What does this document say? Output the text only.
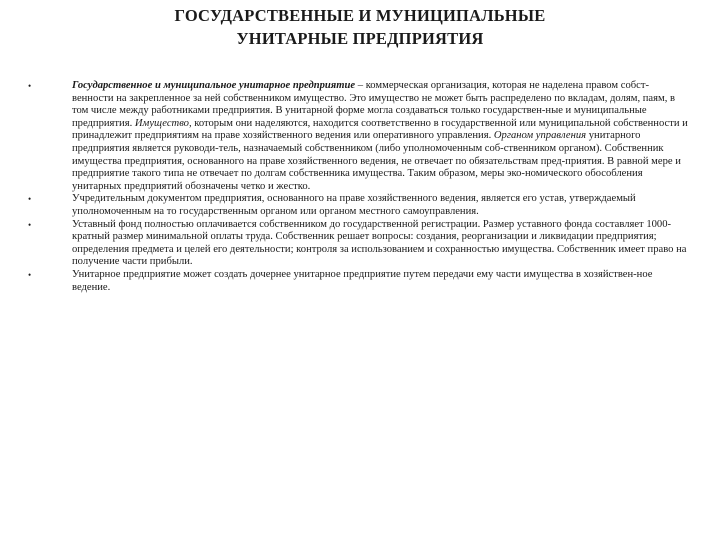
ГОСУДАРСТВЕННЫЕ И МУНИЦИПАЛЬНЫЕ
УНИТАРНЫЕ ПРЕДПРИЯТИЯ
•	Государственное и муниципальное унитарное предприятие – коммерческая организация, которая не наделена правом собст-венности на закрепленное за ней собственником имущество. Это имущество не может быть распределено по вкладам, долям, паям, в том числе между работниками предприятия. В унитарной форме могла создаваться только государствен-ные и муниципальные предприятия. Имущество, которым они наделяются, находится соответственно в государственной или муниципальной собственности и принадлежит предприятиям на праве хозяйственного ведения или оперативного управления. Органом управления унитарного предприятия является руководи-тель, назначаемый собственником (либо уполномоченным соб-ственником органом). Собственник имущества предприятия, основанного на праве хозяйственного ведения, не отвечает по обязательствам пред-приятия. В равной мере и предприятие такого типа не отвечает по долгам собственника имущества. Таким образом, меры эко-номического обособления унитарных предприятий обозначены четко и жестко.
•	Учредительным документом предприятия, основанного на праве хозяйственного ведения, является его устав, утверждаемый уполномоченным на то государственным органом или органом местного самоуправления.
•	Уставный фонд полностью оплачивается собственником до государственной регистрации. Размер уставного фонда составляет 1000-кратный размер минимальной оплаты труда. Собственник решает вопросы: создания, реорганизации и ликвидации предприятия; определения предмета и целей его деятельности; контроля за использованием и сохранностью имущества. Собственник имеет право на получение части прибыли.
•	Унитарное предприятие может создать дочернее унитарное предприятие путем передачи ему части имущества в хозяйствен-ное ведение.
